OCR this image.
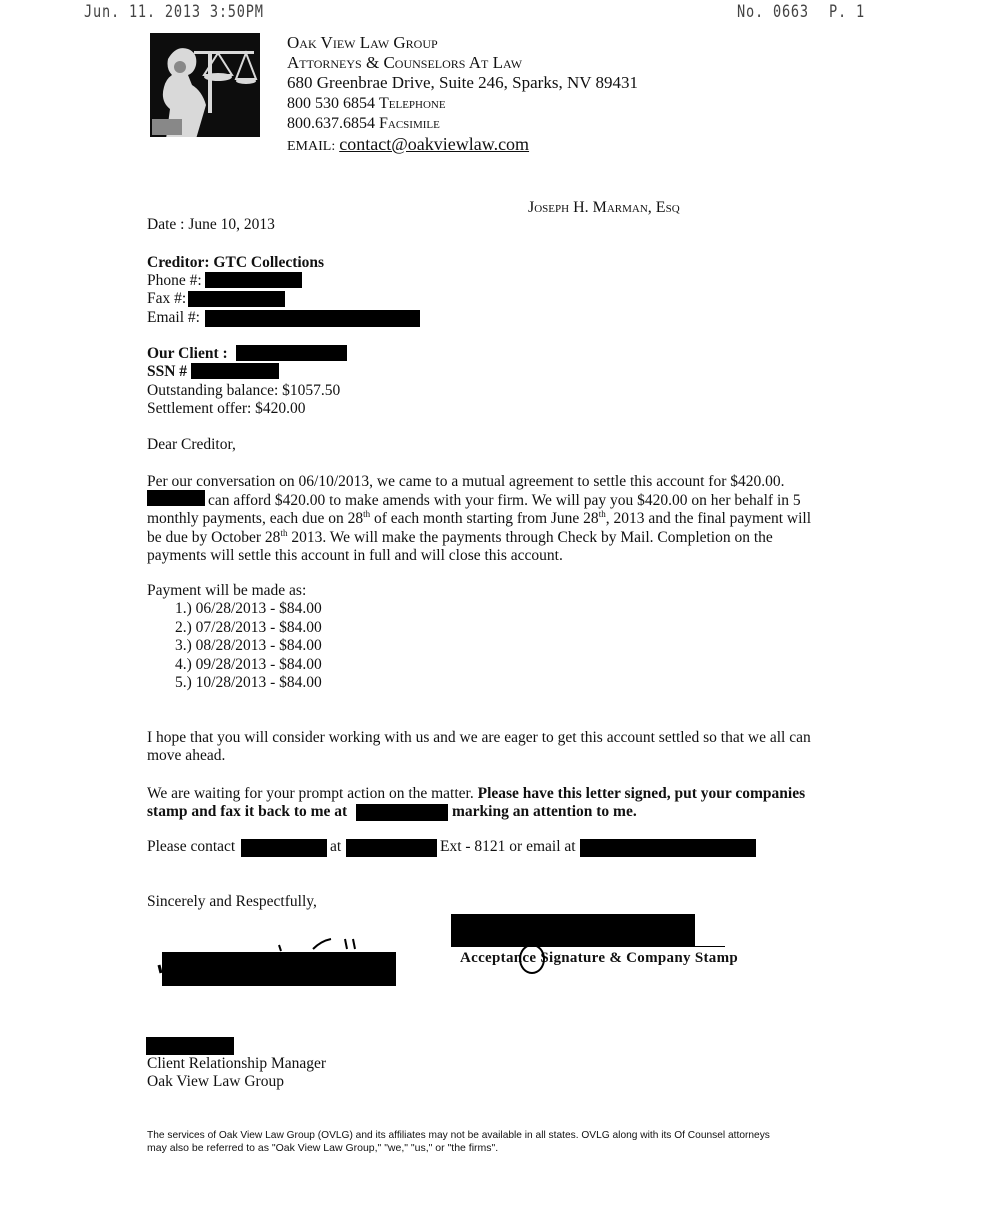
Jun. 11. 2013 3:50PM	No. 0663 P. 1
Oak View Law Group
Attorneys & Counselors At Law
680 Greenbrae Drive, Suite 246, Sparks, NV 89431
800 530 6854 Telephone
800.637.6854 Facsimile
EMAIL: contact@oakviewlaw.com
Joseph H. Marman, Esq
Date : June 10, 2013
Creditor: GTC Collections
Phone #:
Fax #:
Email #:
Our Client :
SSN #
Outstanding balance: $1057.50
Settlement offer: $420.00
Dear Creditor,
Per our conversation on 06/10/2013, we came to a mutual agreement to settle this account for $420.00.
can afford $420.00 to make amends with your firm. We will pay you $420.00 on her behalf in 5
monthly payments, each due on 28th of each month starting from June 28th, 2013 and the final payment will
be due by October 28th 2013. We will make the payments through Check by Mail. Completion on the
payments will settle this account in full and will close this account.
Payment will be made as:
1.) 06/28/2013 - $84.00
2.) 07/28/2013 - $84.00
3.) 08/28/2013 - $84.00
4.) 09/28/2013 - $84.00
5.) 10/28/2013 - $84.00
I hope that you will consider working with us and we are eager to get this account settled so that we all can
move ahead.
We are waiting for your prompt action on the matter. Please have this letter signed, put your companies
stamp and fax it back to me at	marking an attention to me.
Please contact	at	Ext - 8121 or email at
Sincerely and Respectfully,
Acceptance Signature & Company Stamp
Client Relationship Manager
Oak View Law Group
The services of Oak View Law Group (OVLG) and its affiliates may not be available in all states. OVLG along with its Of Counsel attorneys
may also be referred to as "Oak View Law Group," "we," "us," or "the firms".
